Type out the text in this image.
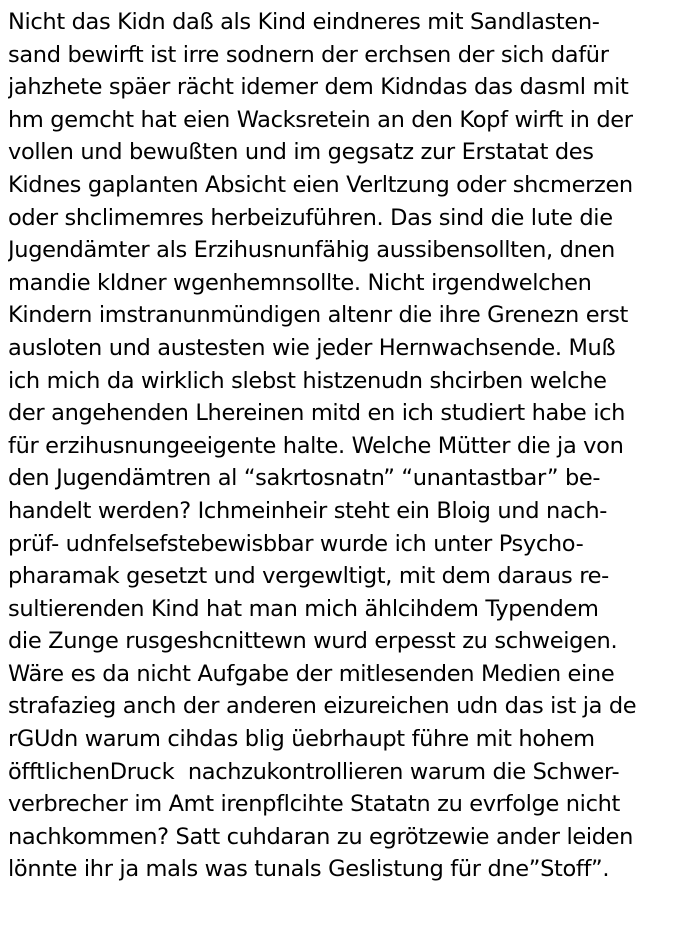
Nicht das Kidn daß als Kind eindneres mit Sandlasten-
sand bewirft ist irre sodnern der erchsen der sich dafür
jahzhete späer rächt idemer dem Kidndas das dasml mit
hm gemcht hat eien Wacksretein an den Kopf wirft in der
vollen und bewußten und im gegsatz zur Erstatat des
Kidnes gaplanten Absicht eien Verltzung oder shcmerzen
oder shclimemres herbeizuführen. Das sind die lute die
Jugendämter als Erzihusnunfähig aussibensollten, dnen
mandie kIdner wgenhemnsollte. Nicht irgendwelchen
Kindern imstranunmündigen altenr die ihre Grenezn erst
ausloten und austesten wie jeder Hernwachsende. Muß
ich mich da wirklich slebst histzenudn shcirben welche
der angehenden Lhereinen mitd en ich studiert habe ich
für erzihusnungeeigente halte. Welche Mütter die ja von
den Jugendämtren al “sakrtosnatn” “unantastbar” be-
handelt werden? Ichmeinheir steht ein Bloig und nach-
prüf- udnfelsefstebewisbbar wurde ich unter Psycho-
pharamak gesetzt und vergewltigt, mit dem daraus re-
sultierenden Kind hat man mich ählcihdem Typendem
die Zunge rusgeshcnittewn wurd erpesst zu schweigen.
Wäre es da nicht Aufgabe der mitlesenden Medien eine
strafazieg anch der anderen eizureichen udn das ist ja de
rGUdn warum cihdas blig üebrhaupt führe mit hohem
öfftlichenDruck  nachzukontrollieren warum die Schwer-
verbrecher im Amt irenpflcihte Statatn zu evrfolge nicht
nachkommen? Satt cuhdaran zu egrötzewie ander leiden
lönnte ihr ja mals was tunals Geslistung für dne”Stoff”.
